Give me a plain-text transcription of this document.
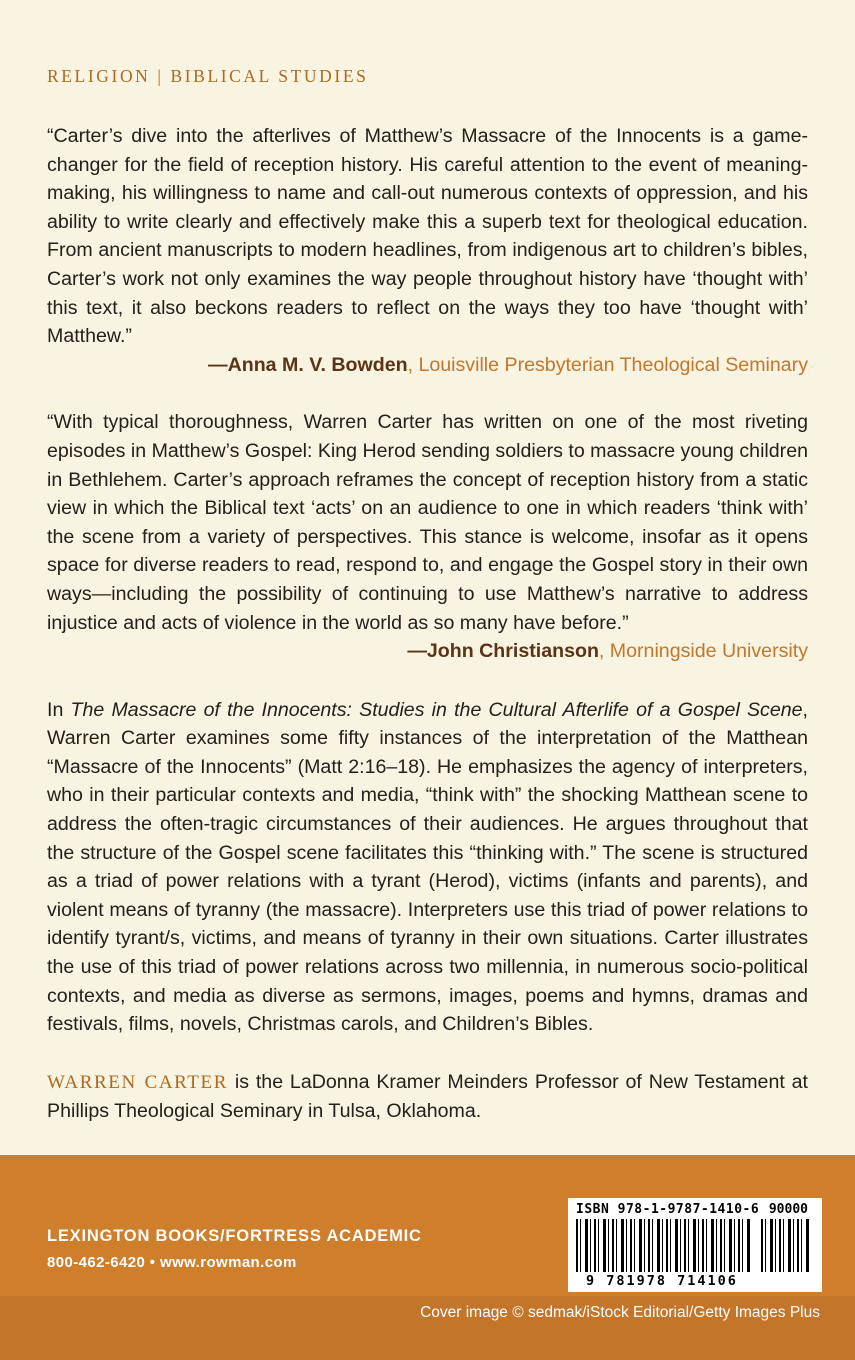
RELIGION | BIBLICAL STUDIES

“Carter’s dive into the afterlives of Matthew’s Massacre of the Innocents is a game-changer for the field of reception history. His careful attention to the event of meaning-making, his willingness to name and call-out numerous contexts of oppression, and his ability to write clearly and effectively make this a superb text for theological education. From ancient manuscripts to modern headlines, from indigenous art to children’s bibles, Carter’s work not only examines the way people throughout history have ‘thought with’ this text, it also beckons readers to reflect on the ways they too have ‘thought with’ Matthew.”

—Anna M. V. Bowden, Louisville Presbyterian Theological Seminary

“With typical thoroughness, Warren Carter has written on one of the most riveting episodes in Matthew’s Gospel: King Herod sending soldiers to massacre young children in Bethlehem. Carter’s approach reframes the concept of reception history from a static view in which the Biblical text ‘acts’ on an audience to one in which readers ‘think with’ the scene from a variety of perspectives. This stance is welcome, insofar as it opens space for diverse readers to read, respond to, and engage the Gospel story in their own ways—including the possibility of continuing to use Matthew’s narrative to address injustice and acts of violence in the world as so many have before.”

—John Christianson, Morningside University

In The Massacre of the Innocents: Studies in the Cultural Afterlife of a Gospel Scene, Warren Carter examines some fifty instances of the interpretation of the Matthean “Massacre of the Innocents” (Matt 2:16–18). He emphasizes the agency of interpreters, who in their particular contexts and media, “think with” the shocking Matthean scene to address the often-tragic circumstances of their audiences. He argues throughout that the structure of the Gospel scene facilitates this “thinking with.” The scene is structured as a triad of power relations with a tyrant (Herod), victims (infants and parents), and violent means of tyranny (the massacre). Interpreters use this triad of power relations to identify tyrant/s, victims, and means of tyranny in their own situations. Carter illustrates the use of this triad of power relations across two millennia, in numerous socio-political contexts, and media as diverse as sermons, images, poems and hymns, dramas and festivals, films, novels, Christmas carols, and Children’s Bibles.

WARREN CARTER is the LaDonna Kramer Meinders Professor of New Testament at Phillips Theological Seminary in Tulsa, Oklahoma.

Cover image © sedmak/iStock Editorial/Getty Images Plus
LEXINGTON BOOKS/FORTRESS ACADEMIC
800-462-6420 • www.rowman.com
ISBN 978-1-9787-1410-6 90000
9 781978 714106
